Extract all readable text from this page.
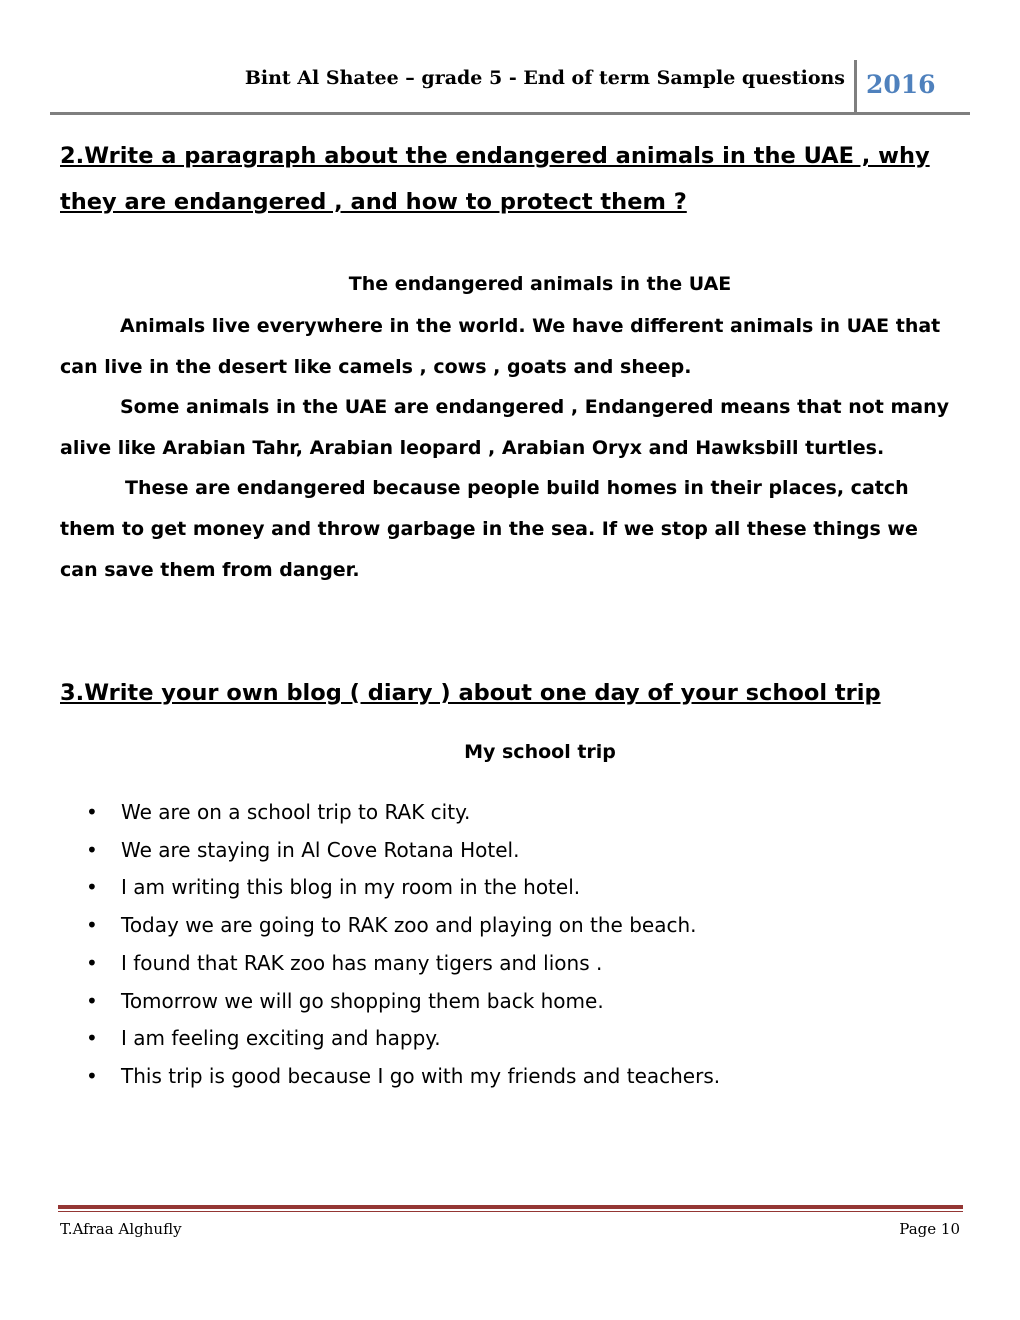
Bint Al Shatee – grade 5 - End of term Sample questions 2016

2.Write a paragraph about the endangered animals in the UAE , why

they are endangered , and how to protect them ?

The endangered animals in the UAE

Animals live everywhere in the world. We have different animals in UAE that can live in the desert like camels , cows , goats and sheep.

Some animals in the UAE are endangered , Endangered means that not many alive like Arabian Tahr, Arabian leopard , Arabian Oryx and Hawksbill turtles.

These are endangered because people build homes in their places, catch them to get money and throw garbage in the sea. If we stop all these things we can save them from danger.

3.Write your own blog ( diary ) about one day of your school trip

My school trip

• We are on a school trip to RAK city.
• We are staying in Al Cove Rotana Hotel.
• I am writing this blog in my room in the hotel.
• Today we are going to RAK zoo and playing on the beach.
• I found that RAK zoo has many tigers and lions .
• Tomorrow we will go shopping them back home.
• I am feeling exciting and happy.
• This trip is good because I go with my friends and teachers.
T.Afraa Alghufly	Page 10
